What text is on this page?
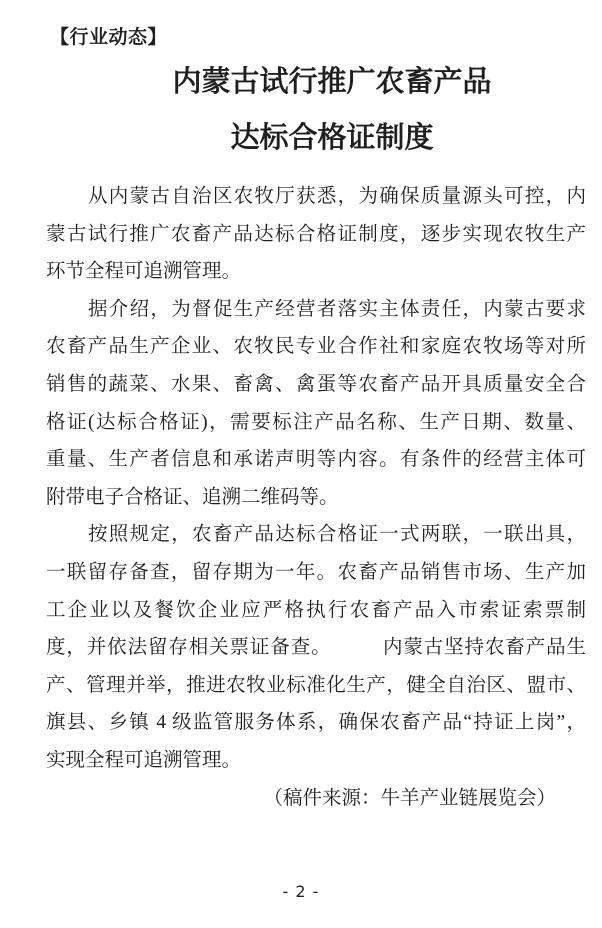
【行业动态】
内蒙古试行推广农畜产品
达标合格证制度
从内蒙古自治区农牧厅获悉，为确保质量源头可控，内
蒙古试行推广农畜产品达标合格证制度，逐步实现农牧生产
环节全程可追溯管理。
据介绍，为督促生产经营者落实主体责任，内蒙古要求
农畜产品生产企业、农牧民专业合作社和家庭农牧场等对所
销售的蔬菜、水果、畜禽、禽蛋等农畜产品开具质量安全合
格证(达标合格证)，需要标注产品名称、生产日期、数量、
重量、生产者信息和承诺声明等内容。有条件的经营主体可
附带电子合格证、追溯二维码等。
按照规定，农畜产品达标合格证一式两联，一联出具，
一联留存备查，留存期为一年。农畜产品销售市场、生产加
工企业以及餐饮企业应严格执行农畜产品入市索证索票制
度，并依法留存相关票证备查。　　　内蒙古坚持农畜产品生
产、管理并举，推进农牧业标准化生产，健全自治区、盟市、
旗县、乡镇 4 级监管服务体系，确保农畜产品“持证上岗”，
实现全程可追溯管理。
（稿件来源：牛羊产业链展览会）
- 2 -
